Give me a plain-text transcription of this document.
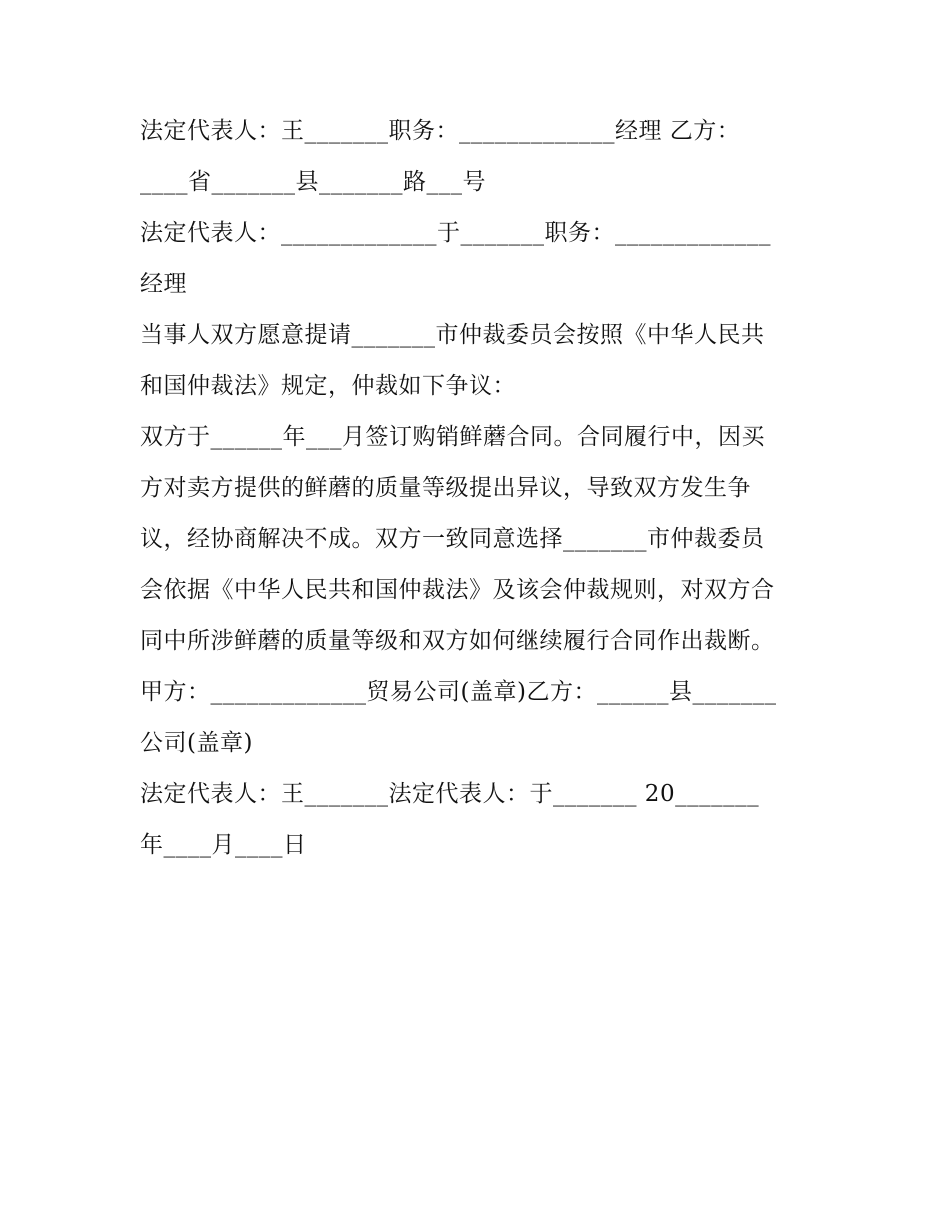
法定代表人：王_______职务：_____________经理 乙方：
____省_______县_______路___号
法定代表人：_____________于_______职务：_____________
经理
当事人双方愿意提请_______市仲裁委员会按照《中华人民共
和国仲裁法》规定，仲裁如下争议：
双方于______年___月签订购销鲜蘑合同。合同履行中，因买
方对卖方提供的鲜蘑的质量等级提出异议，导致双方发生争
议，经协商解决不成。双方一致同意选择_______市仲裁委员
会依据《中华人民共和国仲裁法》及该会仲裁规则，对双方合
同中所涉鲜蘑的质量等级和双方如何继续履行合同作出裁断。
甲方：_____________贸易公司(盖章)乙方：______县_______
公司(盖章)
法定代表人：王_______法定代表人：于_______ 20_______
年____月____日
